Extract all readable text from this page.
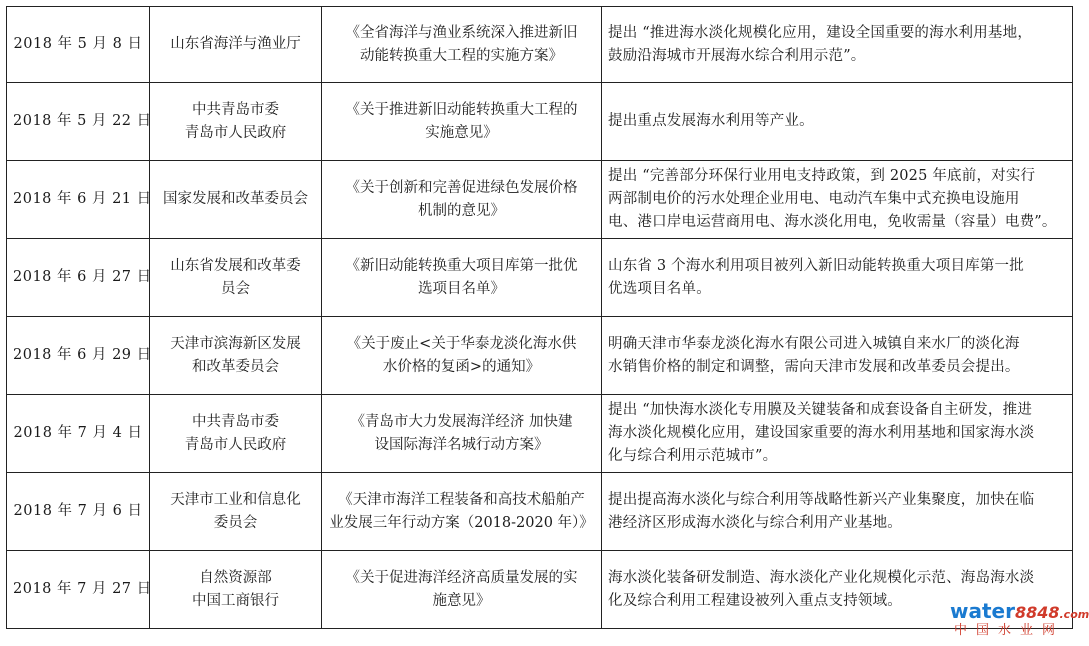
2018 年 5 月 8 日	山东省海洋与渔业厅	《全省海洋与渔业系统深入推进新旧
动能转换重大工程的实施方案》	提出 “推进海水淡化规模化应用，建设全国重要的海水利用基地，
鼓励沿海城市开展海水综合利用示范”。

2018 年 5 月 22 日	中共青岛市委
青岛市人民政府	《关于推进新旧动能转换重大工程的
实施意见》	提出重点发展海水利用等产业。

2018 年 6 月 21 日	国家发展和改革委员会	《关于创新和完善促进绿色发展价格
机制的意见》	提出 “完善部分环保行业用电支持政策，到 2025 年底前，对实行
两部制电价的污水处理企业用电、电动汽车集中式充换电设施用
电、港口岸电运营商用电、海水淡化用电，免收需量（容量）电费”。

2018 年 6 月 27 日	山东省发展和改革委
员会	《新旧动能转换重大项目库第一批优
选项目名单》	山东省 3 个海水利用项目被列入新旧动能转换重大项目库第一批
优选项目名单。

2018 年 6 月 29 日	天津市滨海新区发展
和改革委员会	《关于废止<关于华泰龙淡化海水供
水价格的复函>的通知》	明确天津市华泰龙淡化海水有限公司进入城镇自来水厂的淡化海
水销售价格的制定和调整，需向天津市发展和改革委员会提出。

2018 年 7 月 4 日	中共青岛市委
青岛市人民政府	《青岛市大力发展海洋经济 加快建
设国际海洋名城行动方案》	提出 “加快海水淡化专用膜及关键装备和成套设备自主研发，推进
海水淡化规模化应用，建设国家重要的海水利用基地和国家海水淡
化与综合利用示范城市”。

2018 年 7 月 6 日	天津市工业和信息化
委员会	《天津市海洋工程装备和高技术船舶产
业发展三年行动方案（2018-2020 年）》	提出提高海水淡化与综合利用等战略性新兴产业集聚度，加快在临
港经济区形成海水淡化与综合利用产业基地。

2018 年 7 月 27 日	自然资源部
中国工商银行	《关于促进海洋经济高质量发展的实
施意见》	海水淡化装备研发制造、海水淡化产业化规模化示范、海岛海水淡
化及综合利用工程建设被列入重点支持领域。	water8848.com
中国水业网
